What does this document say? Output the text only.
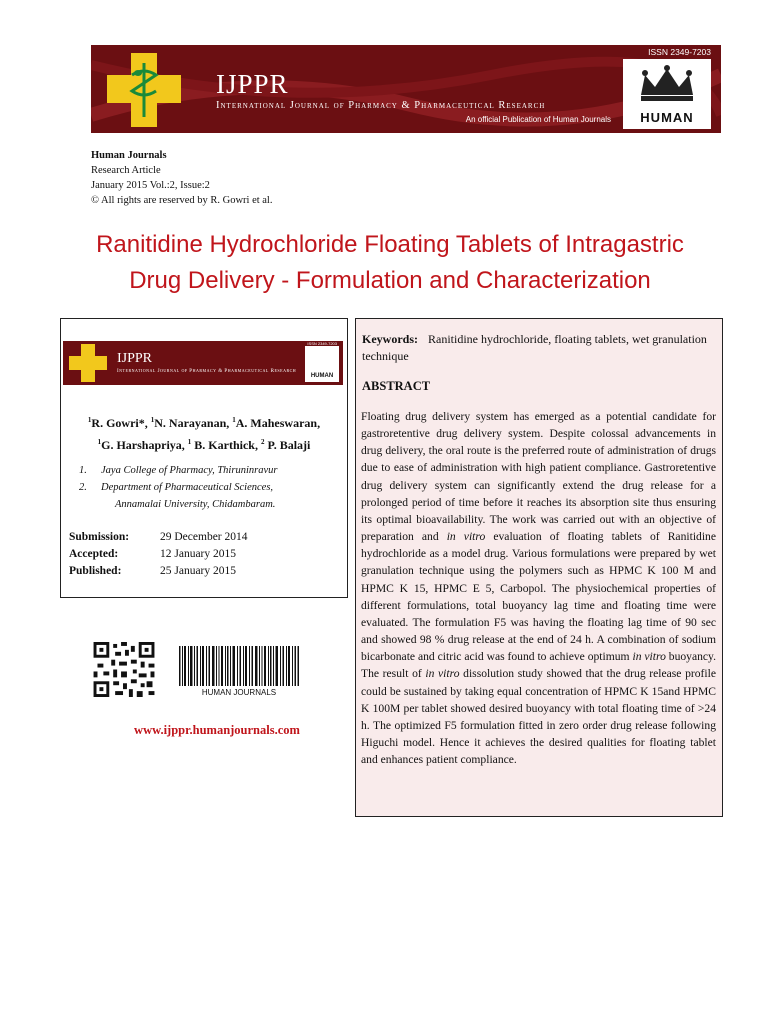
IJPPR
International Journal of Pharmacy & Pharmaceutical Research
ISSN 2349-7203
An official Publication of Human Journals	HUMAN
Human Journals
Research Article
January 2015 Vol.:2, Issue:2
© All rights are reserved by R. Gowri et al.
Ranitidine Hydrochloride Floating Tablets of Intragastric
Drug Delivery - Formulation and Characterization
IJPPR
International Journal of Pharmacy & Pharmaceutical Research
ISSN 2349-7203
HUMAN
$^1$R. Gowri*, $^1$N. Narayanan, $^1$A. Maheswaran,
$^1$G. Harshapriya, $^1$ B. Karthick, $^2$ P. Balaji
1. Jaya College of Pharmacy, Thiruninravur
2. Department of Pharmaceutical Sciences,
Annamalai University, Chidambaram.
Submission:	29 December 2014
Accepted:	12 January 2015
Published:	25 January 2015
HUMAN JOURNALS
www.ijppr.humanjournals.com
Keywords: Ranitidine hydrochloride, floating tablets, wet granulation technique
ABSTRACT
Floating drug delivery system has emerged as a potential candidate for gastroretentive drug delivery system. Despite colossal advancements in drug delivery, the oral route is the preferred route of administration of drugs due to ease of administration with high patient compliance. Gastroretentive drug delivery system can significantly extend the drug release for a prolonged period of time before it reaches its absorption site thus ensuring its optimal bioavailability. The work was carried out with an objective of preparation and in vitro evaluation of floating tablets of Ranitidine hydrochloride as a model drug. Various formulations were prepared by wet granulation technique using the polymers such as HPMC K 100 M and HPMC K 15, HPMC E 5, Carbopol. The physiochemical properties of different formulations, total buoyancy lag time and floating time were evaluated. The formulation F5 was having the floating lag time of 90 sec and showed 98 % drug release at the end of 24 h. A combination of sodium bicarbonate and citric acid was found to achieve optimum in vitro buoyancy. The result of in vitro dissolution study showed that the drug release profile could be sustained by taking equal concentration of HPMC K 15and HPMC K 100M per tablet showed desired buoyancy with total floating time of >24 h. The optimized F5 formulation fitted in zero order drug release following Higuchi model. Hence it achieves the desired qualities for floating tablet and enhances patient compliance.
